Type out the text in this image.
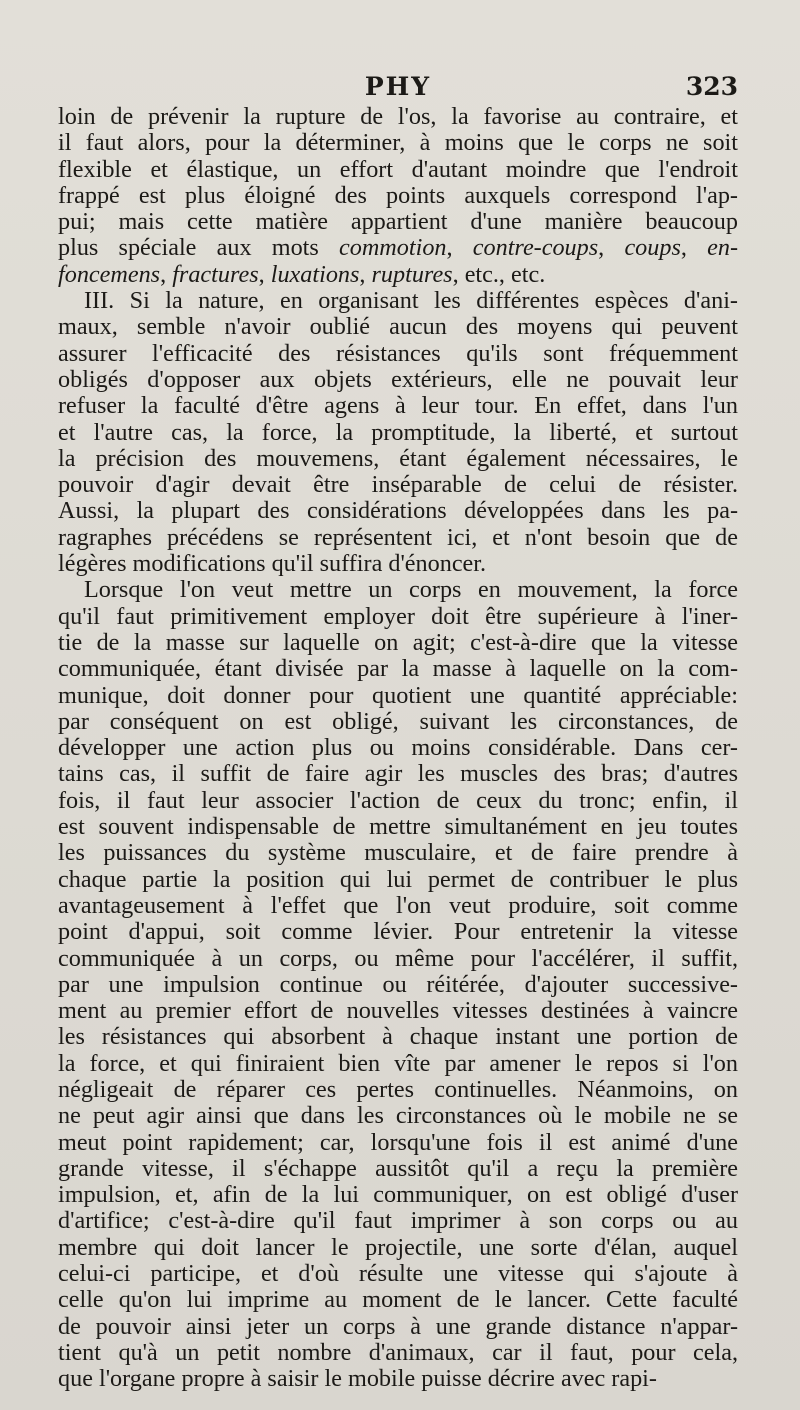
PHY	323

loin de prévenir la rupture de l'os, la favorise au contraire, et
il faut alors, pour la déterminer, à moins que le corps ne soit
flexible et élastique, un effort d'autant moindre que l'endroit
frappé est plus éloigné des points auxquels correspond l'ap-
pui; mais cette matière appartient d'une manière beaucoup
plus spéciale aux mots commotion, contre-coups, coups, en-
foncemens, fractures, luxations, ruptures, etc., etc.

III. Si la nature, en organisant les différentes espèces d'ani-
maux, semble n'avoir oublié aucun des moyens qui peuvent
assurer l'efficacité des résistances qu'ils sont fréquemment
obligés d'opposer aux objets extérieurs, elle ne pouvait leur
refuser la faculté d'être agens à leur tour. En effet, dans l'un
et l'autre cas, la force, la promptitude, la liberté, et surtout
la précision des mouvemens, étant également nécessaires, le
pouvoir d'agir devait être inséparable de celui de résister.
Aussi, la plupart des considérations développées dans les pa-
ragraphes précédens se représentent ici, et n'ont besoin que de
légères modifications qu'il suffira d'énoncer.

Lorsque l'on veut mettre un corps en mouvement, la force
qu'il faut primitivement employer doit être supérieure à l'iner-
tie de la masse sur laquelle on agit; c'est-à-dire que la vitesse
communiquée, étant divisée par la masse à laquelle on la com-
munique, doit donner pour quotient une quantité appréciable:
par conséquent on est obligé, suivant les circonstances, de
développer une action plus ou moins considérable. Dans cer-
tains cas, il suffit de faire agir les muscles des bras; d'autres
fois, il faut leur associer l'action de ceux du tronc; enfin, il
est souvent indispensable de mettre simultanément en jeu toutes
les puissances du système musculaire, et de faire prendre à
chaque partie la position qui lui permet de contribuer le plus
avantageusement à l'effet que l'on veut produire, soit comme
point d'appui, soit comme lévier. Pour entretenir la vitesse
communiquée à un corps, ou même pour l'accélérer, il suffit,
par une impulsion continue ou réitérée, d'ajouter successive-
ment au premier effort de nouvelles vitesses destinées à vaincre
les résistances qui absorbent à chaque instant une portion de
la force, et qui finiraient bien vîte par amener le repos si l'on
négligeait de réparer ces pertes continuelles. Néanmoins, on
ne peut agir ainsi que dans les circonstances où le mobile ne se
meut point rapidement; car, lorsqu'une fois il est animé d'une
grande vitesse, il s'échappe aussitôt qu'il a reçu la première
impulsion, et, afin de la lui communiquer, on est obligé d'user
d'artifice; c'est-à-dire qu'il faut imprimer à son corps ou au
membre qui doit lancer le projectile, une sorte d'élan, auquel
celui-ci participe, et d'où résulte une vitesse qui s'ajoute à
celle qu'on lui imprime au moment de le lancer. Cette faculté
de pouvoir ainsi jeter un corps à une grande distance n'appar-
tient qu'à un petit nombre d'animaux, car il faut, pour cela,
que l'organe propre à saisir le mobile puisse décrire avec rapi-
